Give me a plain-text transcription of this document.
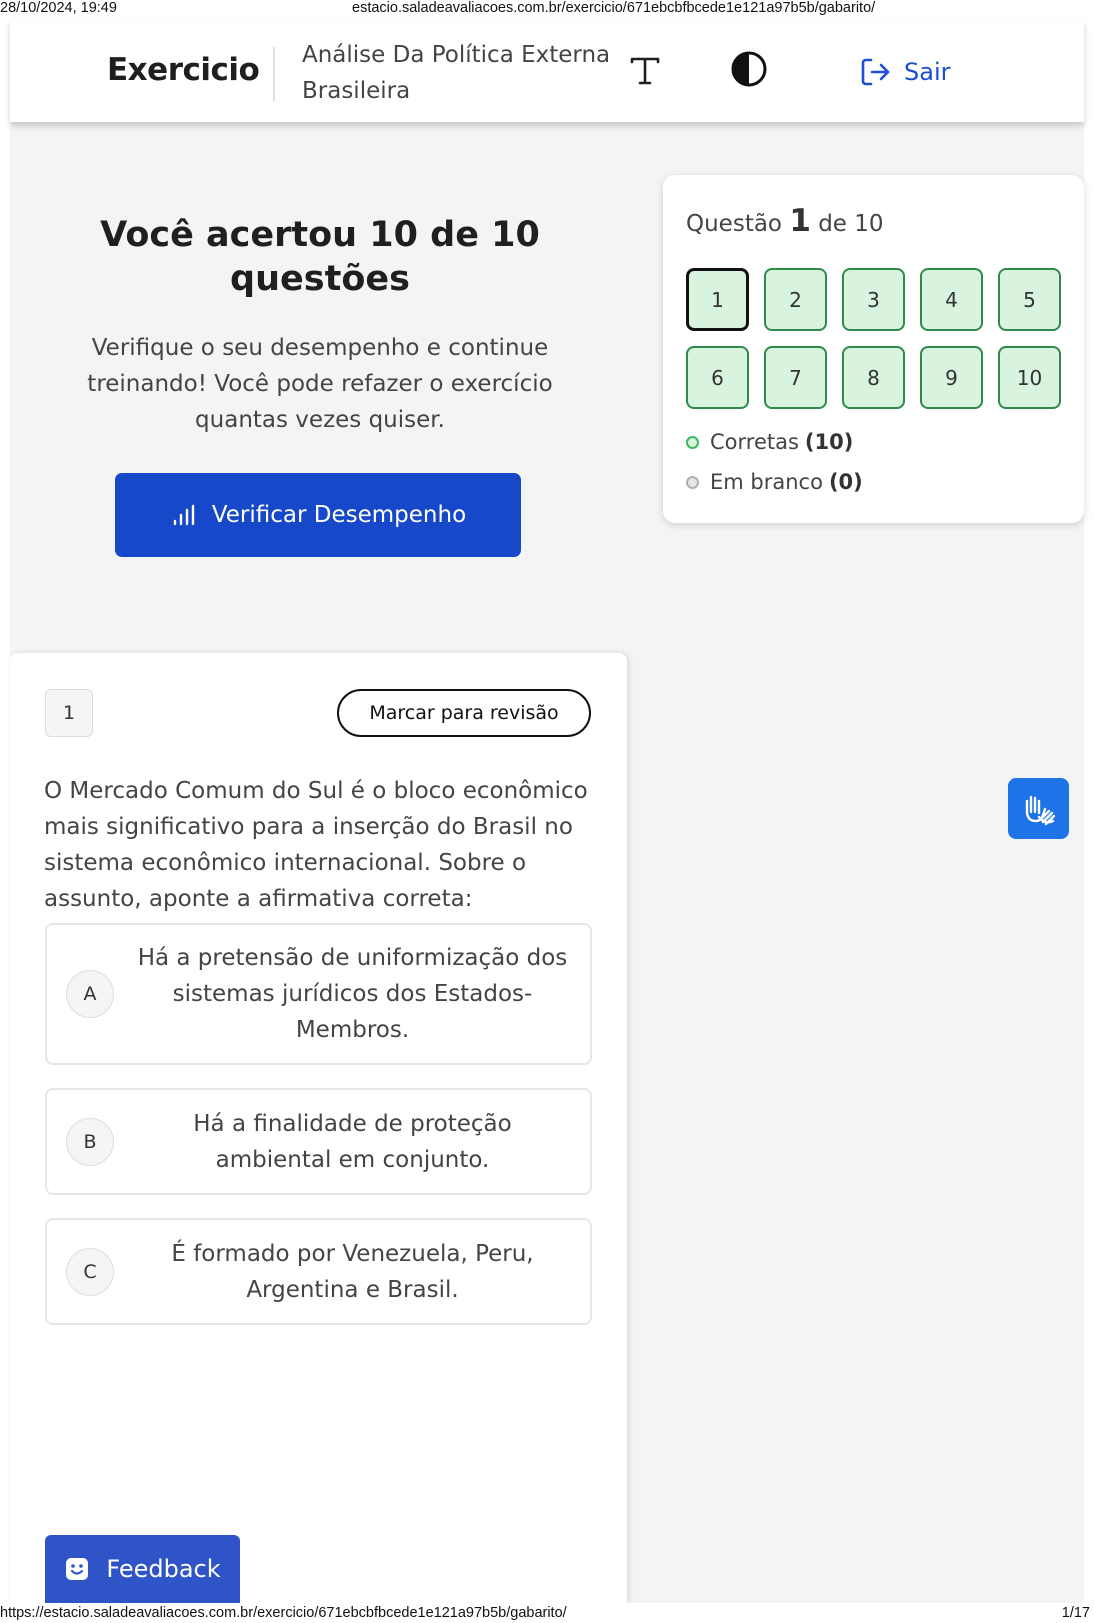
28/10/2024, 19:49	estacio.saladeavaliacoes.com.br/exercicio/671ebcbfbcede1e121a97b5b/gabarito/
Exercicio Análise Da Política Externa Brasileira
Sair
Você acertou 10 de 10 questões
Verifique o seu desempenho e continue treinando! Você pode refazer o exercício quantas vezes quiser.
Verificar Desempenho
Questão 1 de 10
1	2	3	4	5
6	7	8	9	10
Corretas (10)
Em branco (0)
1	Marcar para revisão
O Mercado Comum do Sul é o bloco econômico mais significativo para a inserção do Brasil no sistema econômico internacional. Sobre o assunto, aponte a afirmativa correta:
A
Há a pretensão de uniformização dos sistemas jurídicos dos Estados-Membros.
B
Há a finalidade de proteção ambiental em conjunto.
C
É formado por Venezuela, Peru, Argentina e Brasil.
Feedback
https://estacio.saladeavaliacoes.com.br/exercicio/671ebcbfbcede1e121a97b5b/gabarito/	1/17
